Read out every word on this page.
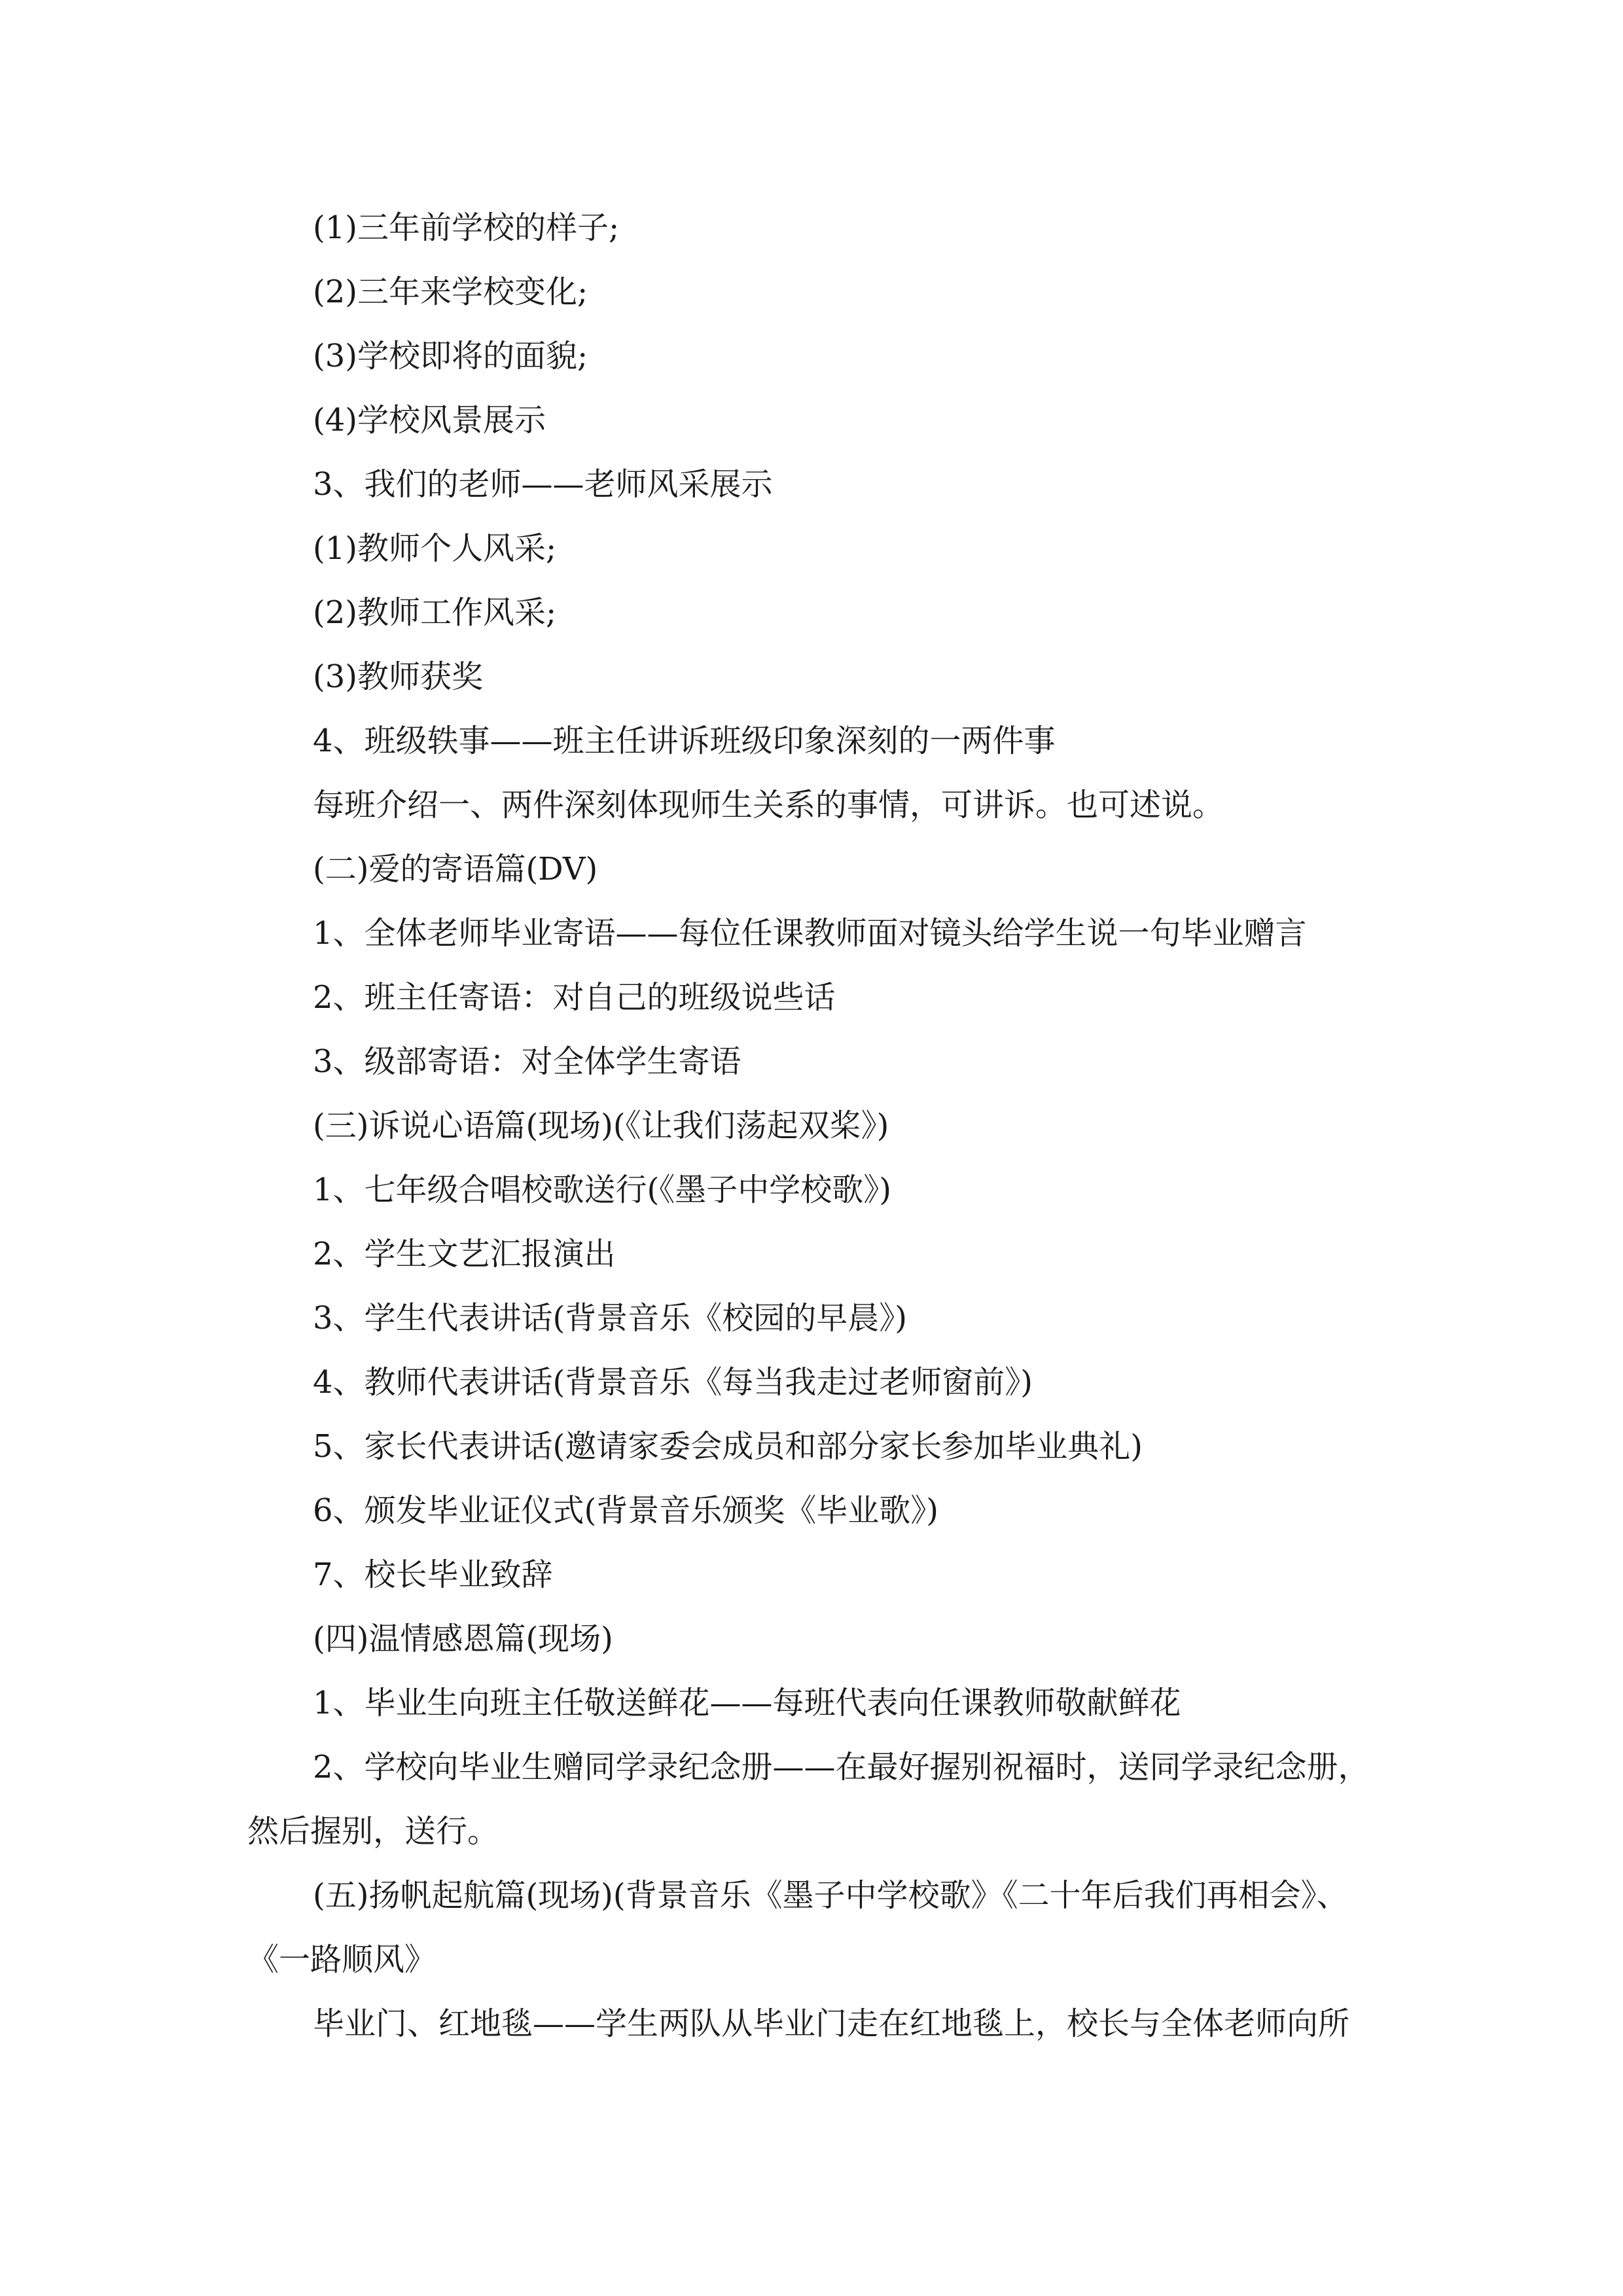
(1)三年前学校的样子;
(2)三年来学校变化;
(3)学校即将的面貌;
(4)学校风景展示
3、我们的老师——老师风采展示
(1)教师个人风采;
(2)教师工作风采;
(3)教师获奖
4、班级轶事——班主任讲诉班级印象深刻的一两件事
每班介绍一、两件深刻体现师生关系的事情，可讲诉。也可述说。
(二)爱的寄语篇(DV)
1、全体老师毕业寄语——每位任课教师面对镜头给学生说一句毕业赠言
2、班主任寄语：对自己的班级说些话
3、级部寄语：对全体学生寄语
(三)诉说心语篇(现场)(《让我们荡起双桨》)
1、七年级合唱校歌送行(《墨子中学校歌》)
2、学生文艺汇报演出
3、学生代表讲话(背景音乐《校园的早晨》)
4、教师代表讲话(背景音乐《每当我走过老师窗前》)
5、家长代表讲话(邀请家委会成员和部分家长参加毕业典礼)
6、颁发毕业证仪式(背景音乐颁奖《毕业歌》)
7、校长毕业致辞
(四)温情感恩篇(现场)
1、毕业生向班主任敬送鲜花——每班代表向任课教师敬献鲜花
2、学校向毕业生赠同学录纪念册——在最好握别祝福时，送同学录纪念册，
然后握别，送行。
(五)扬帆起航篇(现场)(背景音乐《墨子中学校歌》《二十年后我们再相会》、
《一路顺风》
毕业门、红地毯——学生两队从毕业门走在红地毯上，校长与全体老师向所
